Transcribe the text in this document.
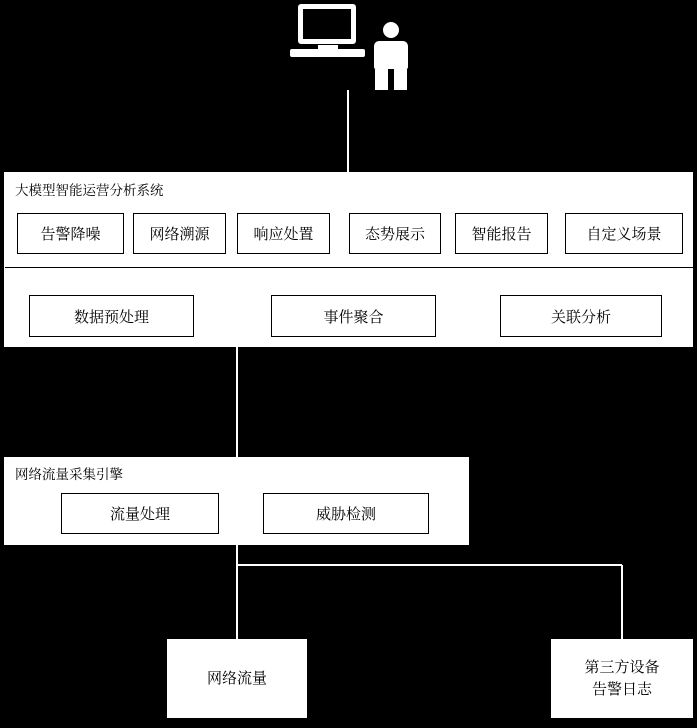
大模型智能运营分析系统
告警降噪	网络溯源	响应处置	态势展示	智能报告	自定义场景
数据预处理	事件聚合	关联分析
网络流量采集引擎
流量处理	威胁检测
网络流量
第三方设备
告警日志
